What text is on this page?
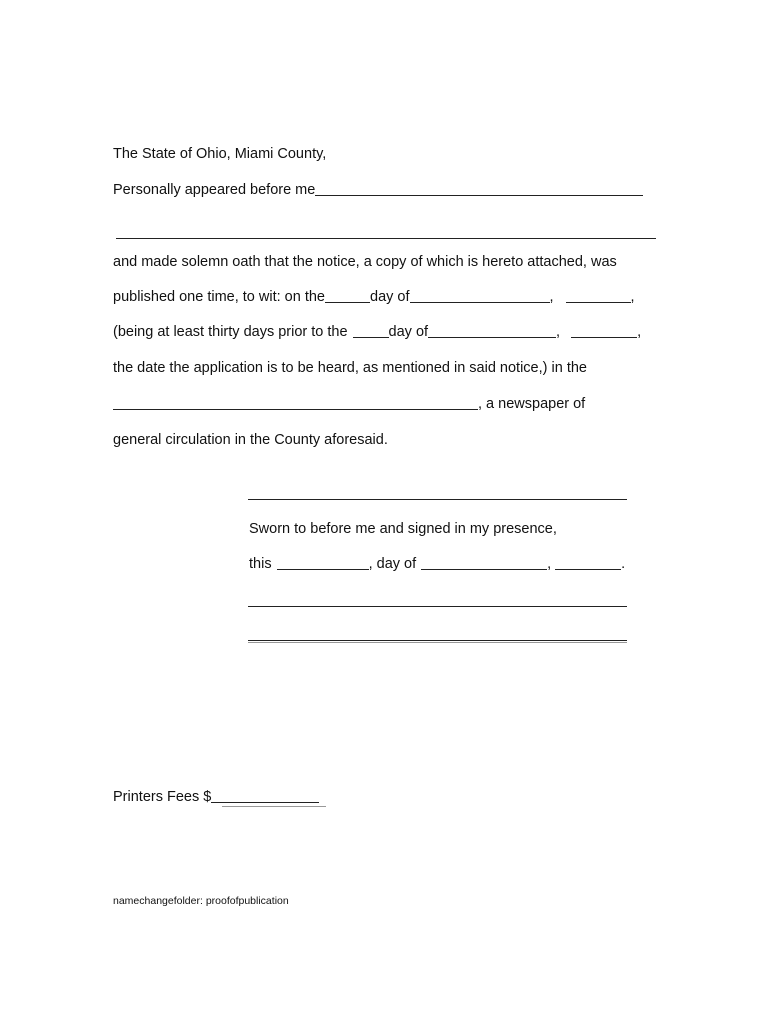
The State of Ohio, Miami County,
Personally appeared before me
and made solemn oath that the notice, a copy of which is hereto attached, was
published one time, to wit: on the	day of	,	,
(being at least thirty days prior to the	day of	,	,
the date the application is to be heard, as mentioned in said notice,) in the
, a newspaper of
general circulation in the County aforesaid.
Sworn to before me and signed in my presence,
this	, day of	,	.
Printers Fees $
namechangefolder: proofofpublication
